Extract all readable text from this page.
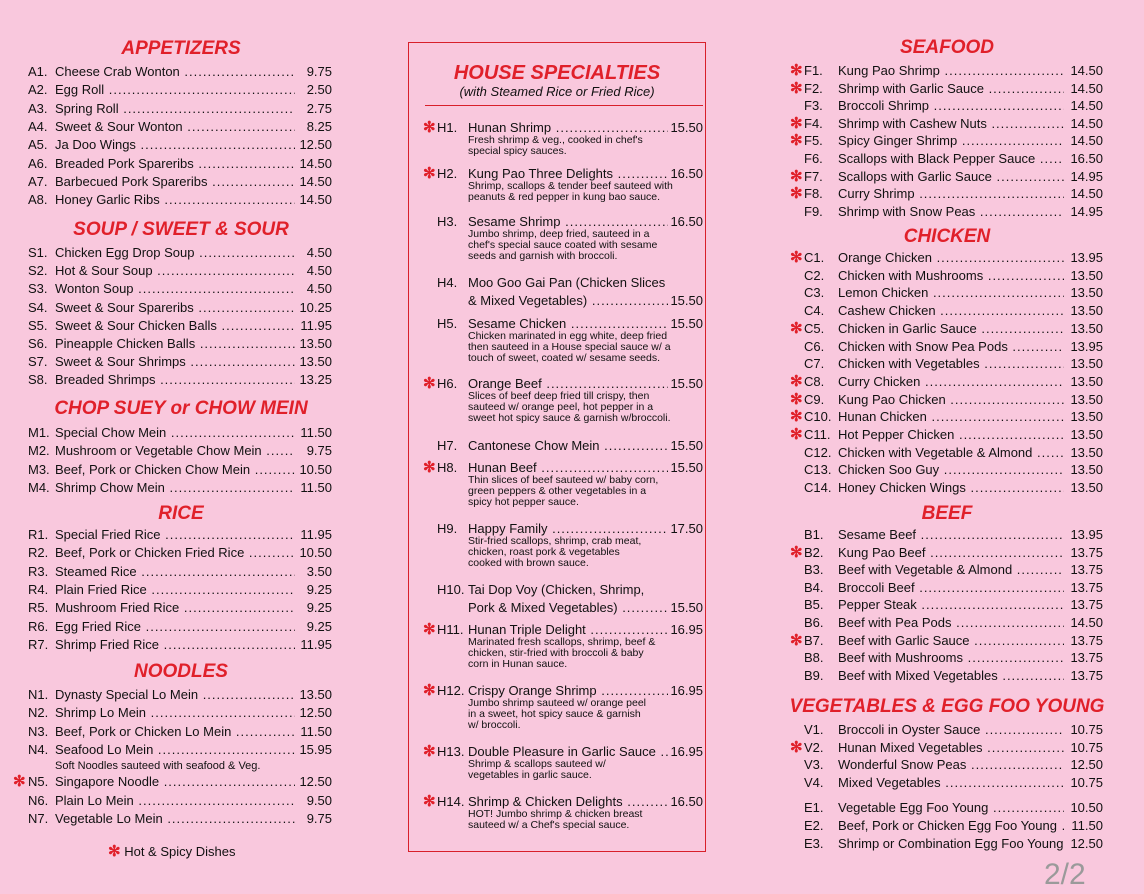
APPETIZERS
SOUP / SWEET & SOUR
CHOP SUEY or CHOW MEIN
RICE
NOODLES
Soft Noodles sauteed with seafood & Veg.
✻ Hot & Spicy Dishes
A1. Cheese Crab Wonton .....	9.75
A2. Egg Roll .....	2.50
A3. Spring Roll .....	2.75
A4. Sweet & Sour Wonton .....	8.25
A5. Ja Doo Wings .....	12.50
A6. Breaded Pork Spareribs .....	14.50
A7. Barbecued Pork Spareribs .....	14.50
A8. Honey Garlic Ribs .....	14.50
S1. Chicken Egg Drop Soup .....	4.50
S2. Hot & Sour Soup .....	4.50
S3. Wonton Soup .....	4.50
S4. Sweet & Sour Spareribs .....	10.25
S5. Sweet & Sour Chicken Balls .....	11.95
S6. Pineapple Chicken Balls .....	13.50
S7. Sweet & Sour Shrimps .....	13.50
S8. Breaded Shrimps .....	13.25
M1. Special Chow Mein .....	11.50
M2. Mushroom or Vegetable Chow Mein .....	9.75
M3. Beef, Pork or Chicken Chow Mein .....	10.50
M4. Shrimp Chow Mein .....	11.50
R1. Special Fried Rice .....	11.95
R2. Beef, Pork or Chicken Fried Rice .....	10.50
R3. Steamed Rice .....	3.50
R4. Plain Fried Rice .....	9.25
R5. Mushroom Fried Rice .....	9.25
R6. Egg Fried Rice .....	9.25
R7. Shrimp Fried Rice .....	11.95
N1. Dynasty Special Lo Mein .....	13.50
N2. Shrimp Lo Mein .....	12.50
N3. Beef, Pork or Chicken Lo Mein .....	11.50
N4. Seafood Lo Mein .....	15.95
✻ N5. Singapore Noodle .....	12.50
N6. Plain Lo Mein .....	9.50
N7. Vegetable Lo Mein .....	9.75
HOUSE SPECIALTIES
(with Steamed Rice or Fried Rice)
✻ H1. Hunan Shrimp .....	15.50
Fresh shrimp & veg., cooked in chef's
special spicy sauces.
✻ H2. Kung Pao Three Delights .....	16.50
Shrimp, scallops & tender beef sauteed with
peanuts & red pepper in kung bao sauce.
H3. Sesame Shrimp .....	16.50
Jumbo shrimp, deep fried, sauteed in a
chef's special sauce coated with sesame
seeds and garnish with broccoli.
H4. Moo Goo Gai Pan (Chicken Slices
& Mixed Vegetables) .....	15.50
H5. Sesame Chicken .....	15.50
Chicken marinated in egg white, deep fried
then sauteed in a House special sauce w/ a
touch of sweet, coated w/ sesame seeds.
✻ H6. Orange Beef .....	15.50
Slices of beef deep fried till crispy, then
sauteed w/ orange peel, hot pepper in a
sweet hot spicy sauce & garnish w/broccoli.
H7. Cantonese Chow Mein .....	15.50
✻ H8. Hunan Beef .....	15.50
Thin slices of beef sauteed w/ baby corn,
green peppers & other vegetables in a
spicy hot pepper sauce.
H9. Happy Family .....	17.50
Stir-fried scallops, shrimp, crab meat,
chicken, roast pork & vegetables
cooked with brown sauce.
H10. Tai Dop Voy (Chicken, Shrimp,
Pork & Mixed Vegetables) .....	15.50
✻ H11. Hunan Triple Delight .....	16.95
Marinated fresh scallops, shrimp, beef &
chicken, stir-fried with broccoli & baby
corn in Hunan sauce.
✻ H12. Crispy Orange Shrimp .....	16.95
Jumbo shrimp sauteed w/ orange peel
in a sweet, hot spicy sauce & garnish
w/ broccoli.
✻ H13. Double Pleasure in Garlic Sauce .....	16.95
Shrimp & scallops sauteed w/
vegetables in garlic sauce.
✻ H14. Shrimp & Chicken Delights .....	16.50
HOT! Jumbo shrimp & chicken breast
sauteed w/ a Chef's special sauce.
SEAFOOD
CHICKEN
BEEF
VEGETABLES & EGG FOO YOUNG
✻ F1. Kung Pao Shrimp .....	14.50
✻ F2. Shrimp with Garlic Sauce .....	14.50
F3. Broccoli Shrimp .....	14.50
✻ F4. Shrimp with Cashew Nuts .....	14.50
✻ F5. Spicy Ginger Shrimp .....	14.50
F6. Scallops with Black Pepper Sauce .....	16.50
✻ F7. Scallops with Garlic Sauce .....	14.95
✻ F8. Curry Shrimp .....	14.50
F9. Shrimp with Snow Peas .....	14.95
✻ C1. Orange Chicken .....	13.95
C2. Chicken with Mushrooms .....	13.50
C3. Lemon Chicken .....	13.50
C4. Cashew Chicken .....	13.50
✻ C5. Chicken in Garlic Sauce .....	13.50
C6. Chicken with Snow Pea Pods .....	13.95
C7. Chicken with Vegetables .....	13.50
✻ C8. Curry Chicken .....	13.50
✻ C9. Kung Pao Chicken .....	13.50
✻ C10. Hunan Chicken .....	13.50
✻ C11. Hot Pepper Chicken .....	13.50
C12. Chicken with Vegetable & Almond .....	13.50
C13. Chicken Soo Guy .....	13.50
C14. Honey Chicken Wings .....	13.50
B1. Sesame Beef .....	13.95
✻ B2. Kung Pao Beef .....	13.75
B3. Beef with Vegetable & Almond .....	13.75
B4. Broccoli Beef .....	13.75
B5. Pepper Steak .....	13.75
B6. Beef with Pea Pods .....	14.50
✻ B7. Beef with Garlic Sauce .....	13.75
B8. Beef with Mushrooms .....	13.75
B9. Beef with Mixed Vegetables .....	13.75
V1. Broccoli in Oyster Sauce .....	10.75
✻ V2. Hunan Mixed Vegetables .....	10.75
V3. Wonderful Snow Peas .....	12.50
V4. Mixed Vegetables .....	10.75
E1. Vegetable Egg Foo Young .....	10.50
E2. Beef, Pork or Chicken Egg Foo Young .....	11.50
E3. Shrimp or Combination Egg Foo Young ..... 12.50
2/2
